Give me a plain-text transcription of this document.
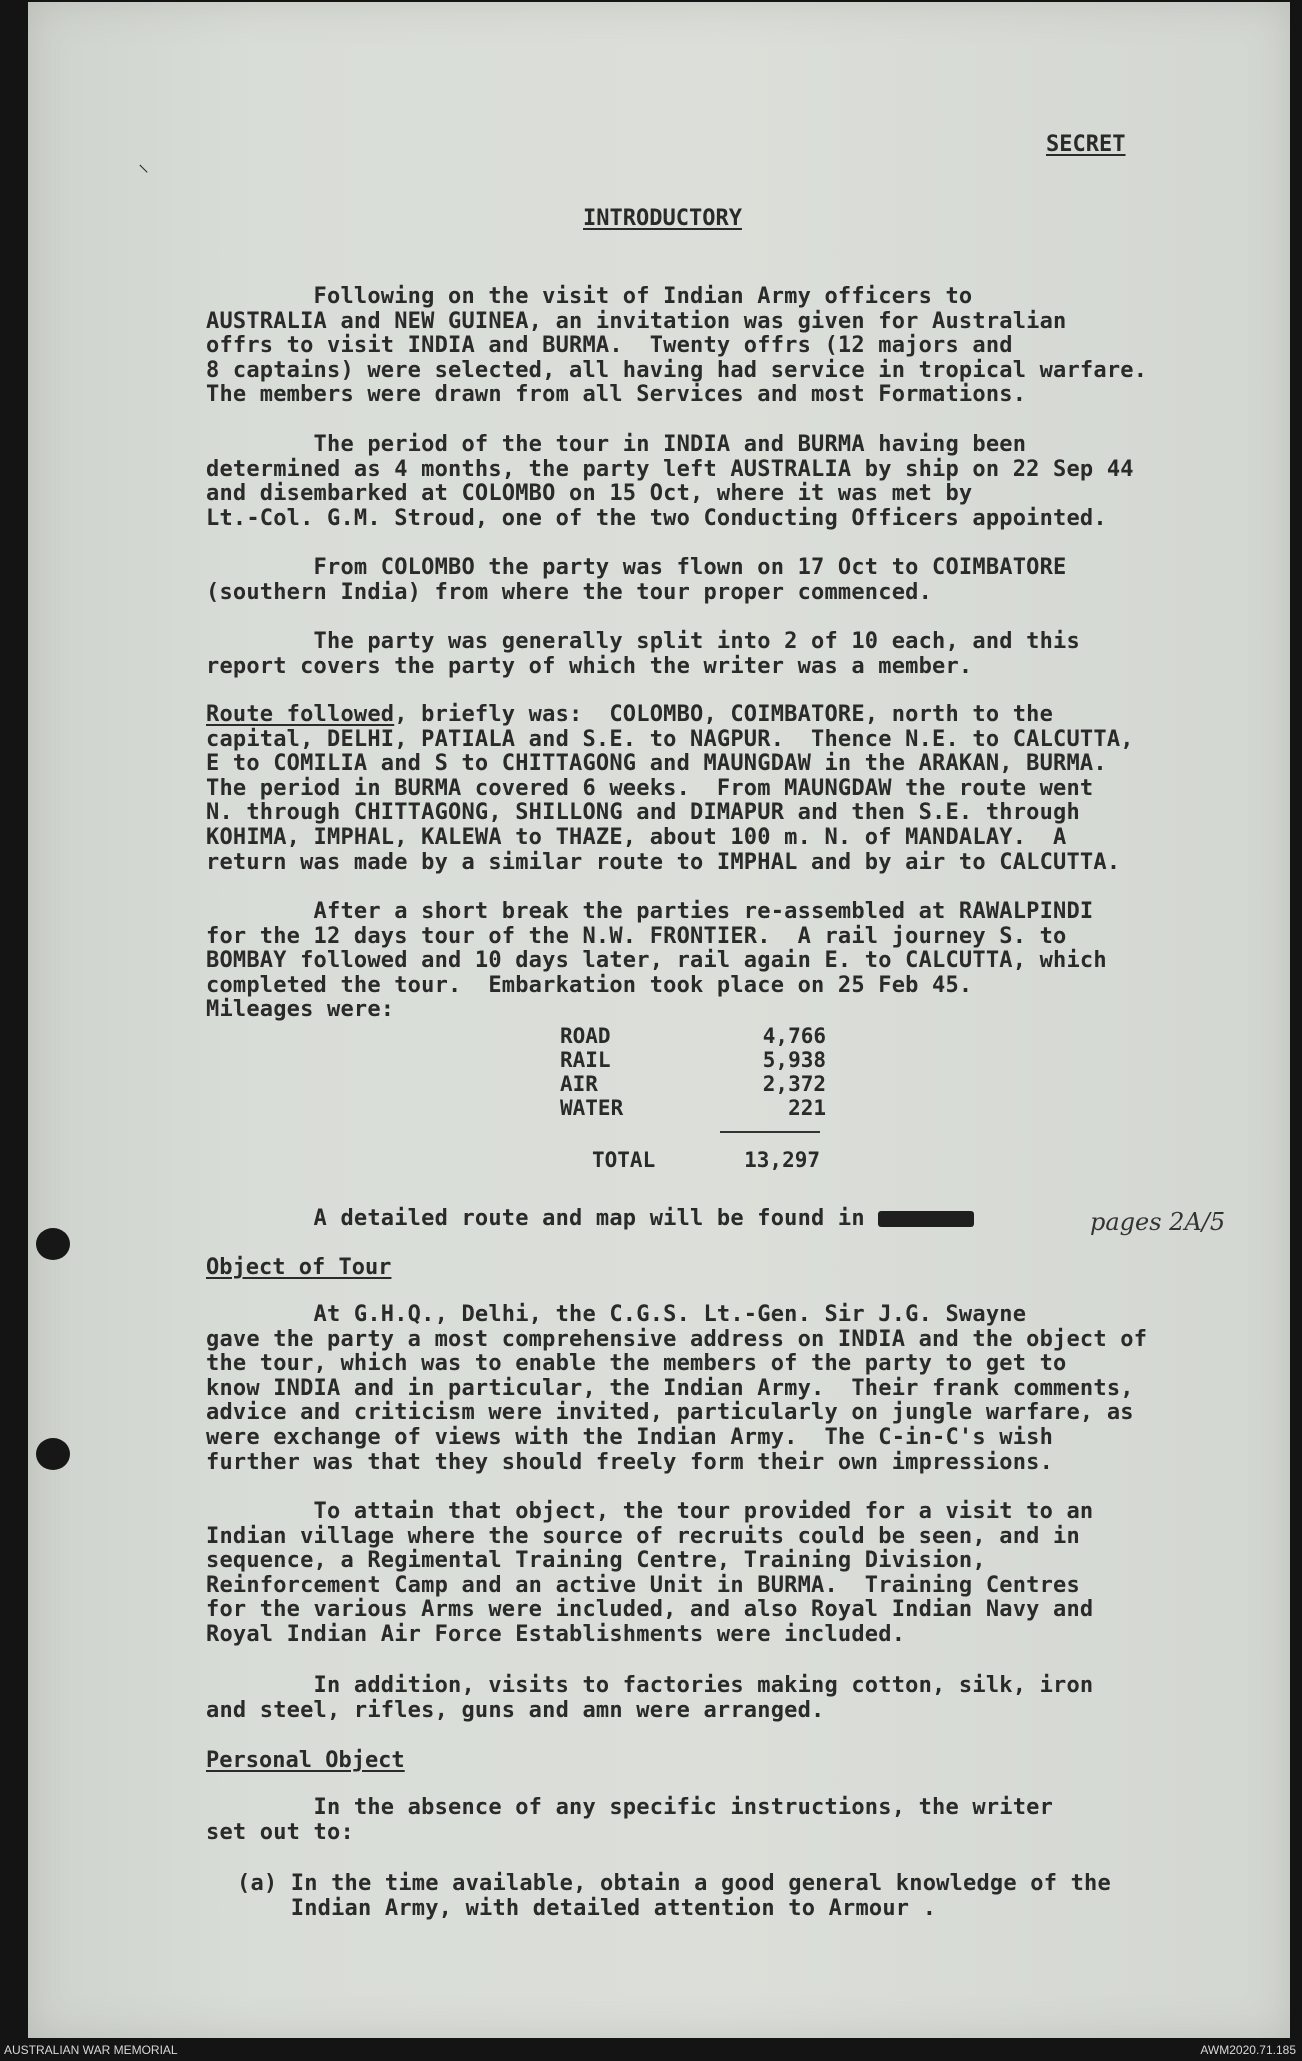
⸜
SECRET
INTRODUCTORY

Following on the visit of Indian Army officers to
AUSTRALIA and NEW GUINEA, an invitation was given for Australian
offrs to visit INDIA and BURMA.  Twenty offrs (12 majors and
8 captains) were selected, all having had service in tropical warfare.
The members were drawn from all Services and most Formations.

The period of the tour in INDIA and BURMA having been
determined as 4 months, the party left AUSTRALIA by ship on 22 Sep 44
and disembarked at COLOMBO on 15 Oct, where it was met by
Lt.-Col. G.M. Stroud, one of the two Conducting Officers appointed.

From COLOMBO the party was flown on 17 Oct to COIMBATORE
(southern India) from where the tour proper commenced.

The party was generally split into 2 of 10 each, and this
report covers the party of which the writer was a member.

Route followed, briefly was:  COLOMBO, COIMBATORE, north to the
capital, DELHI, PATIALA and S.E. to NAGPUR.  Thence N.E. to CALCUTTA,
E to COMILIA and S to CHITTAGONG and MAUNGDAW in the ARAKAN, BURMA.
The period in BURMA covered 6 weeks.  From MAUNGDAW the route went
N. through CHITTAGONG, SHILLONG and DIMAPUR and then S.E. through
KOHIMA, IMPHAL, KALEWA to THAZE, about 100 m. N. of MANDALAY.  A
return was made by a similar route to IMPHAL and by air to CALCUTTA.

After a short break the parties re-assembled at RAWALPINDI
for the 12 days tour of the N.W. FRONTIER.  A rail journey S. to
BOMBAY followed and 10 days later, rail again E. to CALCUTTA, which
completed the tour.  Embarkation took place on 25 Feb 45.
Mileages were:

ROAD	4,766
RAIL	5,938
AIR	2,372
WATER	221
TOTAL	13,297

A detailed route and map will be found in	pages 2A/5
Object of Tour

At G.H.Q., Delhi, the C.G.S. Lt.-Gen. Sir J.G. Swayne
gave the party a most comprehensive address on INDIA and the object of
the tour, which was to enable the members of the party to get to
know INDIA and in particular, the Indian Army.  Their frank comments,
advice and criticism were invited, particularly on jungle warfare, as
were exchange of views with the Indian Army.  The C-in-C's wish
further was that they should freely form their own impressions.

To attain that object, the tour provided for a visit to an
Indian village where the source of recruits could be seen, and in
sequence, a Regimental Training Centre, Training Division,
Reinforcement Camp and an active Unit in BURMA.  Training Centres
for the various Arms were included, and also Royal Indian Navy and
Royal Indian Air Force Establishments were included.

In addition, visits to factories making cotton, silk, iron
and steel, rifles, guns and amn were arranged.

Personal Object

In the absence of any specific instructions, the writer
set out to:

(a) In the time available, obtain a good general knowledge of the
Indian Army, with detailed attention to Armour .

AUSTRALIAN WAR MEMORIAL	AWM2020.71.185
